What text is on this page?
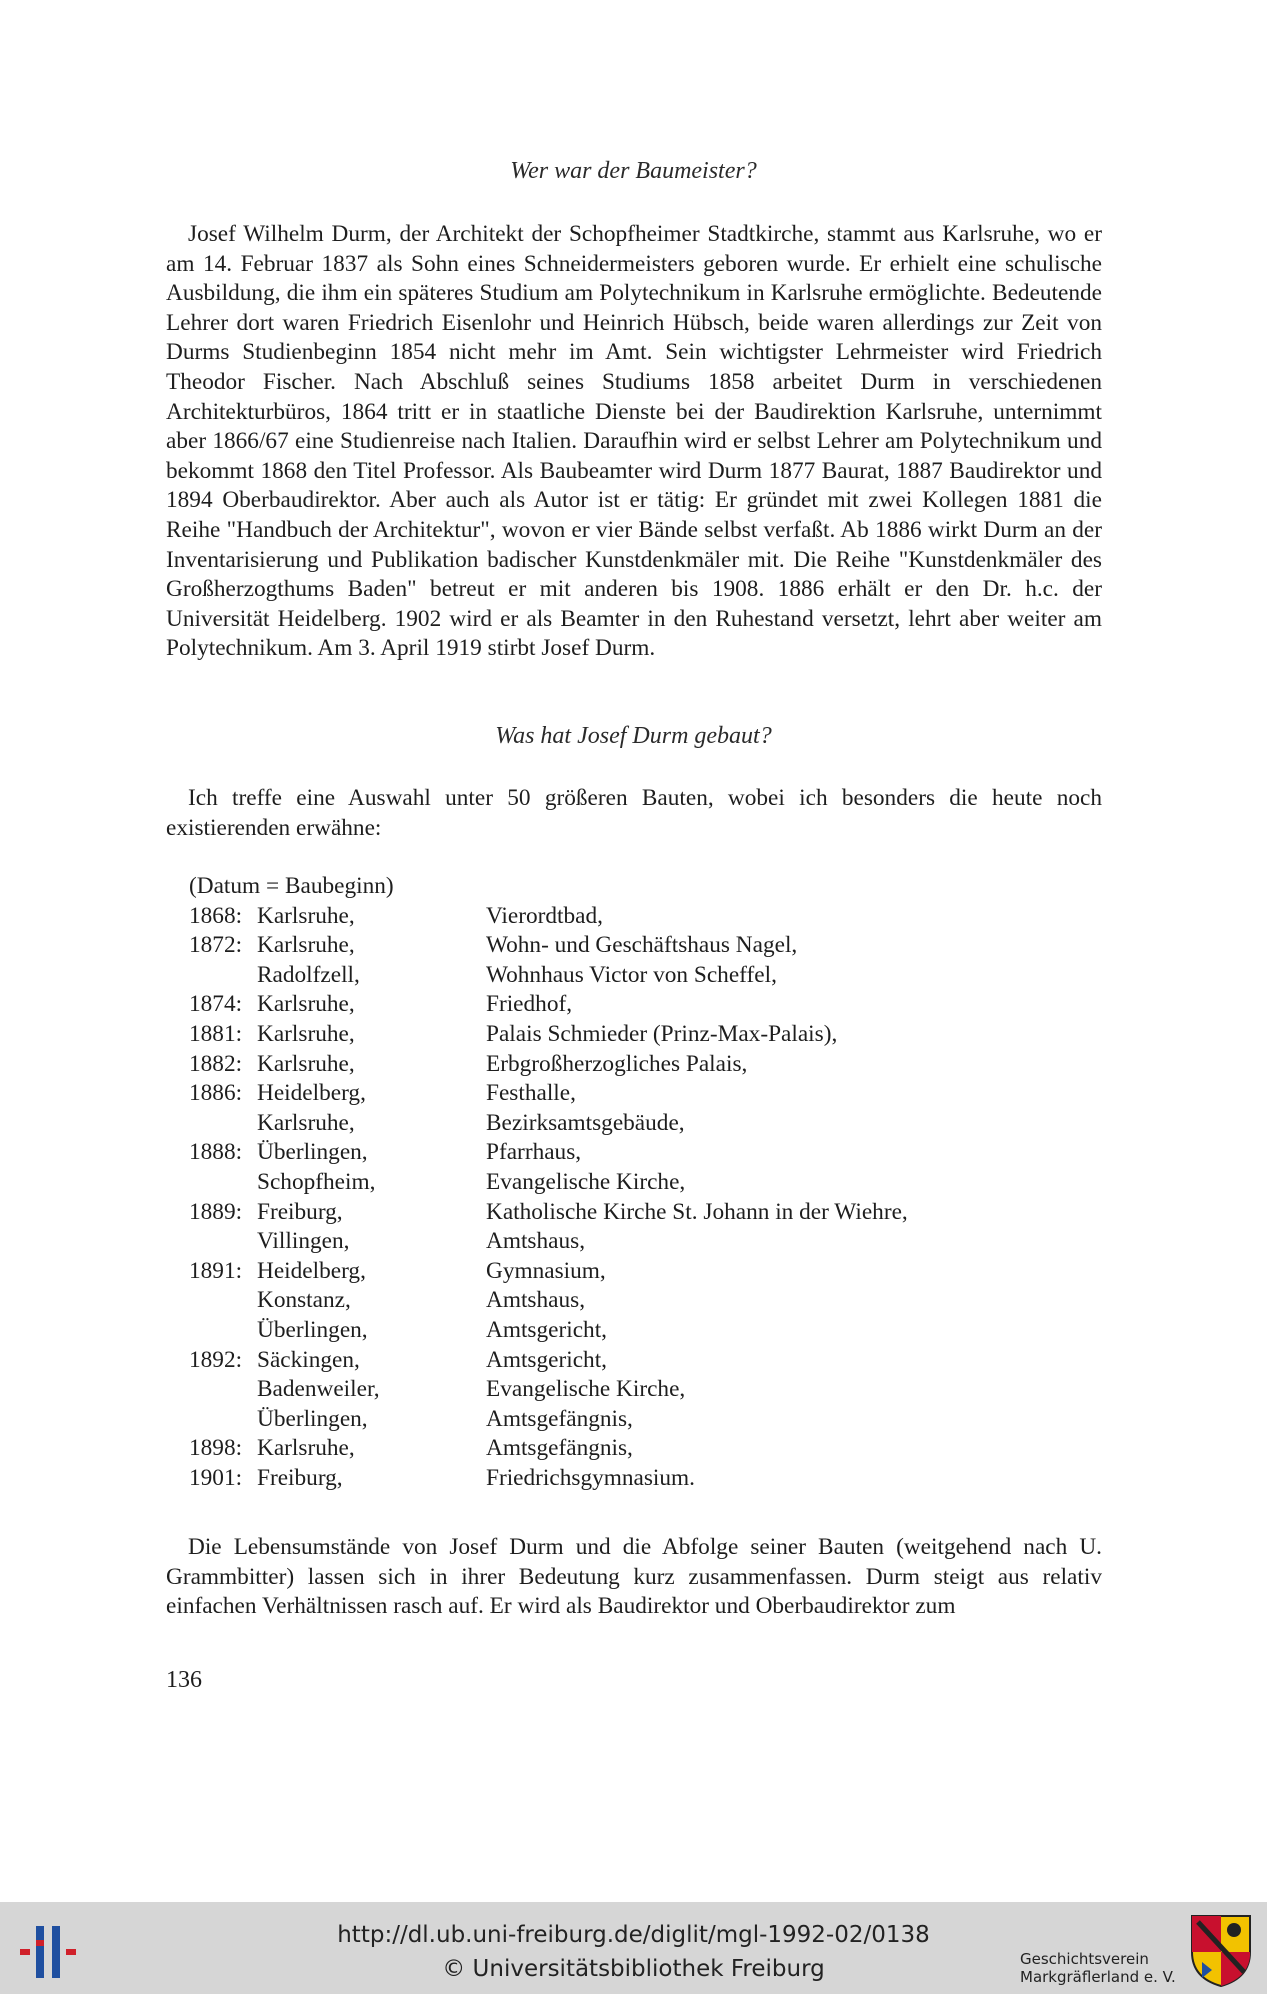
Wer war der Baumeister?

Josef Wilhelm Durm, der Architekt der Schopfheimer Stadtkirche, stammt aus Karlsruhe, wo er am 14. Februar 1837 als Sohn eines Schneidermeisters geboren wurde. Er erhielt eine schulische Ausbildung, die ihm ein späteres Studium am Polytechnikum in Karlsruhe ermöglichte. Bedeutende Lehrer dort waren Friedrich Eisenlohr und Heinrich Hübsch, beide waren allerdings zur Zeit von Durms Studienbeginn 1854 nicht mehr im Amt. Sein wichtigster Lehrmeister wird Friedrich Theodor Fischer. Nach Abschluß seines Studiums 1858 arbeitet Durm in verschiedenen Architekturbüros, 1864 tritt er in staatliche Dienste bei der Baudirektion Karlsruhe, unternimmt aber 1866/67 eine Studienreise nach Italien. Daraufhin wird er selbst Lehrer am Polytechnikum und bekommt 1868 den Titel Professor. Als Baubeamter wird Durm 1877 Baurat, 1887 Baudirektor und 1894 Oberbaudirektor. Aber auch als Autor ist er tätig: Er gründet mit zwei Kollegen 1881 die Reihe "Handbuch der Architektur", wovon er vier Bände selbst verfaßt. Ab 1886 wirkt Durm an der Inventarisierung und Publikation badischer Kunstdenkmäler mit. Die Reihe "Kunstdenkmäler des Großherzogthums Baden" betreut er mit anderen bis 1908. 1886 erhält er den Dr. h.c. der Universität Heidelberg. 1902 wird er als Beamter in den Ruhestand versetzt, lehrt aber weiter am Polytechnikum. Am 3. April 1919 stirbt Josef Durm.

Was hat Josef Durm gebaut?

Ich treffe eine Auswahl unter 50 größeren Bauten, wobei ich besonders die heute noch existierenden erwähne:

(Datum = Baubeginn)
1868: Karlsruhe,	Vierordtbad,
1872: Karlsruhe,	Wohn- und Geschäftshaus Nagel,
Radolfzell,	Wohnhaus Victor von Scheffel,
1874: Karlsruhe,	Friedhof,
1881: Karlsruhe,	Palais Schmieder (Prinz-Max-Palais),
1882: Karlsruhe,	Erbgroßherzogliches Palais,
1886: Heidelberg,	Festhalle,
Karlsruhe,	Bezirksamtsgebäude,
1888: Überlingen,	Pfarrhaus,
Schopfheim,	Evangelische Kirche,
1889: Freiburg,	Katholische Kirche St. Johann in der Wiehre,
Villingen,	Amtshaus,
1891: Heidelberg,	Gymnasium,
Konstanz,	Amtshaus,
Überlingen,	Amtsgericht,
1892: Säckingen,	Amtsgericht,
Badenweiler,	Evangelische Kirche,
Überlingen,	Amtsgefängnis,
1898: Karlsruhe,	Amtsgefängnis,
1901: Freiburg,	Friedrichsgymnasium.

Die Lebensumstände von Josef Durm und die Abfolge seiner Bauten (weitgehend nach U. Grammbitter) lassen sich in ihrer Bedeutung kurz zusammenfassen. Durm steigt aus relativ einfachen Verhältnissen rasch auf. Er wird als Baudirektor und Oberbaudirektor zum

136
http://dl.ub.uni-freiburg.de/diglit/mgl-1992-02/0138
© Universitätsbibliothek Freiburg	Geschichtsverein
Markgräflerland e. V.
